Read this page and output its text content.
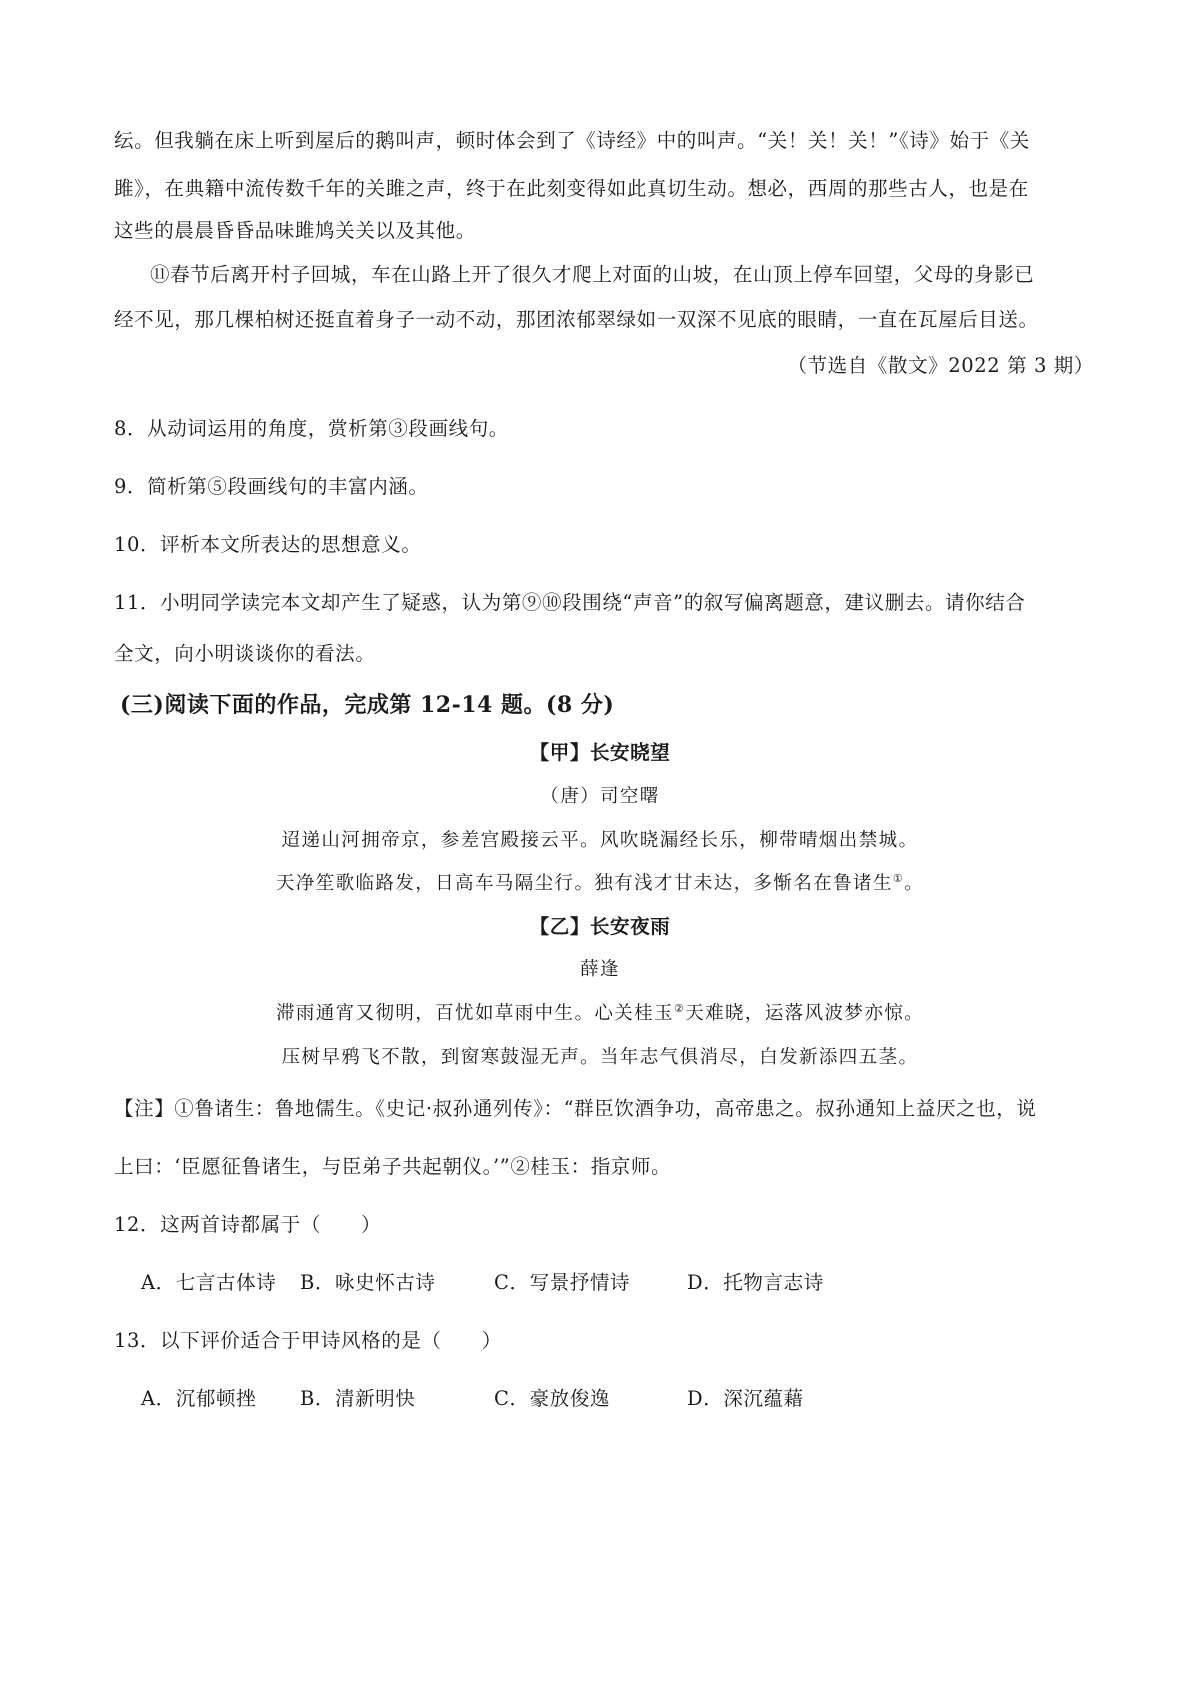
纭。但我躺在床上听到屋后的鹅叫声，顿时体会到了《诗经》中的叫声。“关！关！关！”《诗》始于《关
雎》，在典籍中流传数千年的关雎之声，终于在此刻变得如此真切生动。想必，西周的那些古人，也是在
这些的晨晨昏昏品味雎鸠关关以及其他。
⑪春节后离开村子回城，车在山路上开了很久才爬上对面的山坡，在山顶上停车回望，父母的身影已
经不见，那几棵柏树还挺直着身子一动不动，那团浓郁翠绿如一双深不见底的眼睛，一直在瓦屋后目送。
（节选自《散文》2022 第 3 期）
8．从动词运用的角度，赏析第③段画线句。
9．简析第⑤段画线句的丰富内涵。
10．评析本文所表达的思想意义。
11．小明同学读完本文却产生了疑惑，认为第⑨⑩段围绕“声音”的叙写偏离题意，建议删去。请你结合
全文，向小明谈谈你的看法。
(三)阅读下面的作品，完成第 12-14 题。(8 分)
【甲】长安晓望
（唐）司空曙
迢递山河拥帝京，参差宫殿接云平。风吹晓漏经长乐，柳带晴烟出禁城。
天净笙歌临路发，日高车马隔尘行。独有浅才甘未达，多惭名在鲁诸生①。
【乙】长安夜雨
薛逢
滞雨通宵又彻明，百忧如草雨中生。心关桂玉②天难晓，运落风波梦亦惊。
压树早鸦飞不散，到窗寒鼓湿无声。当年志气俱消尽，白发新添四五茎。
【注】①鲁诸生：鲁地儒生。《史记·叔孙通列传》：“群臣饮酒争功，高帝患之。叔孙通知上益厌之也，说
上曰：‘臣愿征鲁诸生，与臣弟子共起朝仪。’”②桂玉：指京师。
12．这两首诗都属于（　　）
A．七言古体诗 B．咏史怀古诗	C．写景抒情诗	D．托物言志诗
13．以下评价适合于甲诗风格的是（　　）
A．沉郁顿挫 B．清新明快	C．豪放俊逸	D．深沉蕴藉
